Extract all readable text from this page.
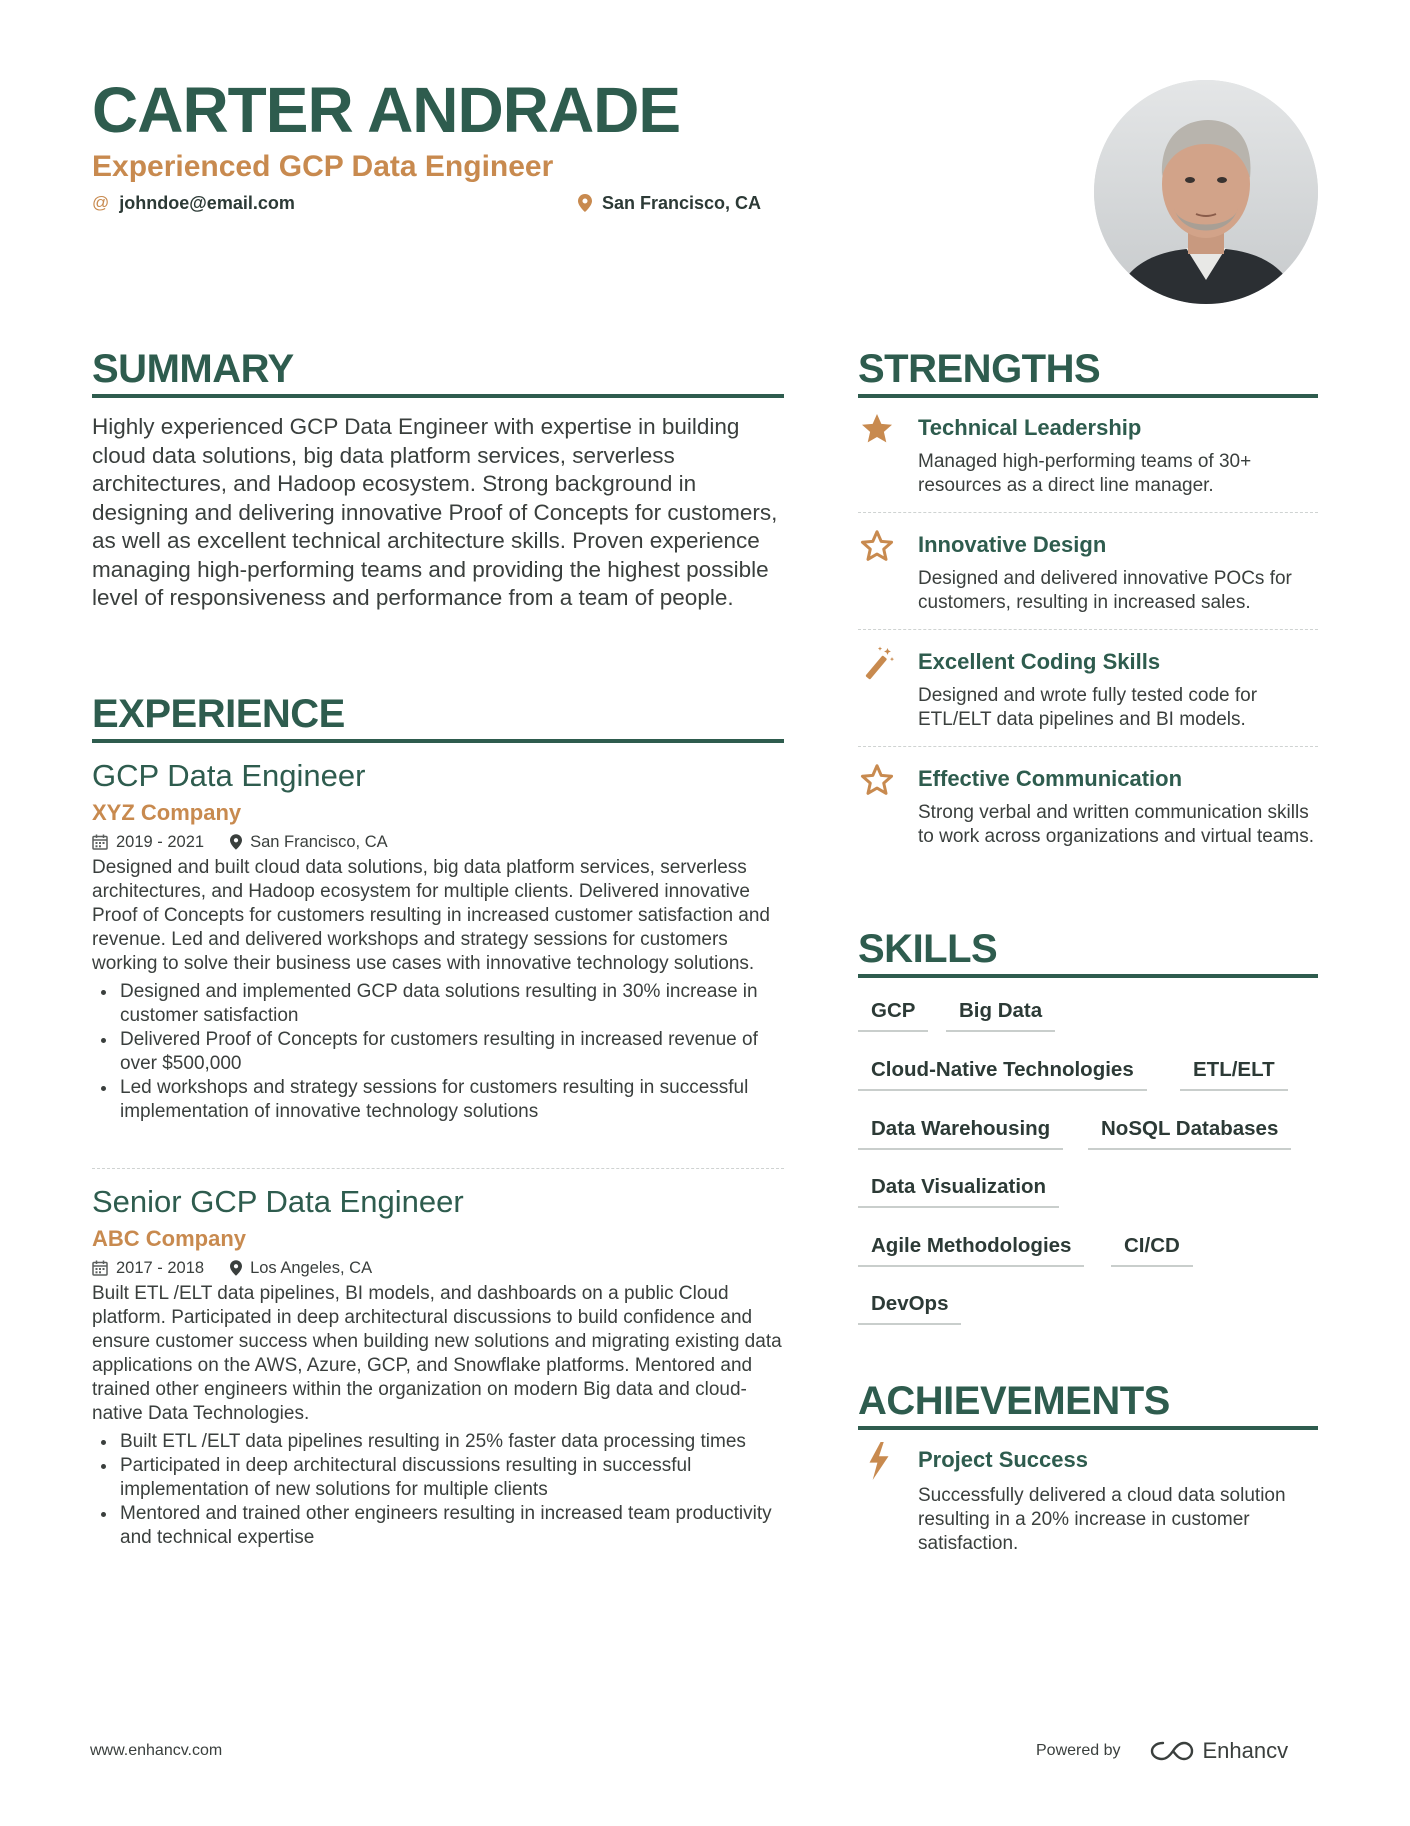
CARTER ANDRADE
Experienced GCP Data Engineer
@ johndoe@email.com	San Francisco, CA
SUMMARY
Highly experienced GCP Data Engineer with expertise in building cloud data solutions, big data platform services, serverless architectures, and Hadoop ecosystem. Strong background in designing and delivering innovative Proof of Concepts for customers, as well as excellent technical architecture skills. Proven experience managing high-performing teams and providing the highest possible level of responsiveness and performance from a team of people.
EXPERIENCE
GCP Data Engineer
XYZ Company
2019 - 2021	San Francisco, CA
Designed and built cloud data solutions, big data platform services, serverless architectures, and Hadoop ecosystem for multiple clients. Delivered innovative Proof of Concepts for customers resulting in increased customer satisfaction and revenue. Led and delivered workshops and strategy sessions for customers working to solve their business use cases with innovative technology solutions.
• Designed and implemented GCP data solutions resulting in 30% increase in customer satisfaction
• Delivered Proof of Concepts for customers resulting in increased revenue of over $500,000
• Led workshops and strategy sessions for customers resulting in successful implementation of innovative technology solutions
Senior GCP Data Engineer
ABC Company
2017 - 2018	Los Angeles, CA
Built ETL /ELT data pipelines, BI models, and dashboards on a public Cloud platform. Participated in deep architectural discussions to build confidence and ensure customer success when building new solutions and migrating existing data applications on the AWS, Azure, GCP, and Snowflake platforms. Mentored and trained other engineers within the organization on modern Big data and cloud-native Data Technologies.
• Built ETL /ELT data pipelines resulting in 25% faster data processing times
• Participated in deep architectural discussions resulting in successful implementation of new solutions for multiple clients
• Mentored and trained other engineers resulting in increased team productivity and technical expertise
STRENGTHS
Technical Leadership
Managed high-performing teams of 30+ resources as a direct line manager.
Innovative Design
Designed and delivered innovative POCs for customers, resulting in increased sales.
Excellent Coding Skills
Designed and wrote fully tested code for ETL/ELT data pipelines and BI models.
Effective Communication
Strong verbal and written communication skills to work across organizations and virtual teams.
SKILLS
GCP	Big Data
Cloud-Native Technologies	ETL/ELT
Data Warehousing	NoSQL Databases
Data Visualization
Agile Methodologies	CI/CD
DevOps
ACHIEVEMENTS
Project Success
Successfully delivered a cloud data solution resulting in a 20% increase in customer satisfaction.
www.enhancv.com	Powered by	Enhancv
